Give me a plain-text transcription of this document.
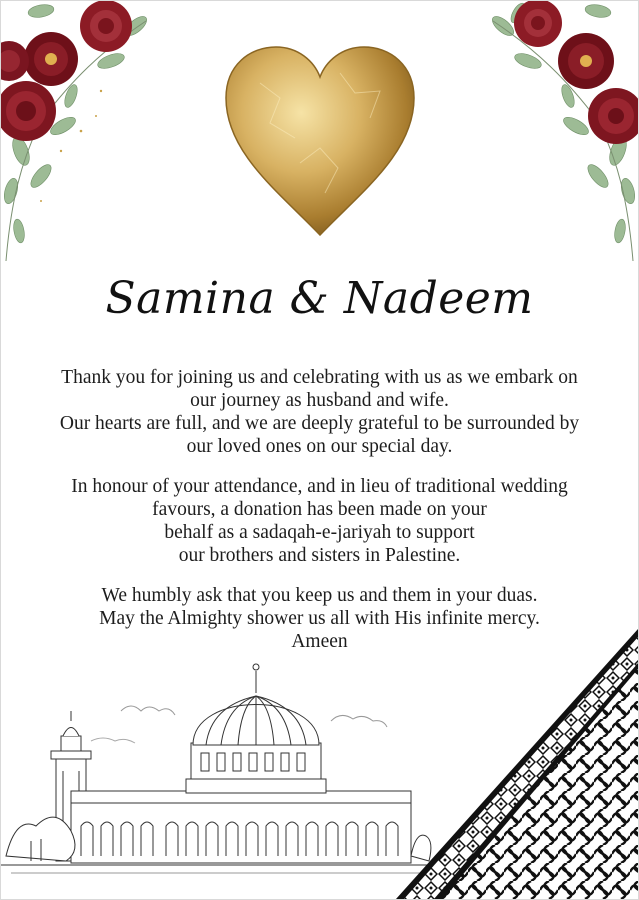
Samina & Nadeem
Thank you for joining us and celebrating with us as we embark on
our journey as husband and wife.
Our hearts are full, and we are deeply grateful to be surrounded by
our loved ones on our special day.
In honour of your attendance, and in lieu of traditional wedding
favours, a donation has been made on your
behalf as a sadaqah-e-jariyah to support
our brothers and sisters in Palestine.
We humbly ask that you keep us and them in your duas.
May the Almighty shower us all with His infinite mercy.
Ameen
